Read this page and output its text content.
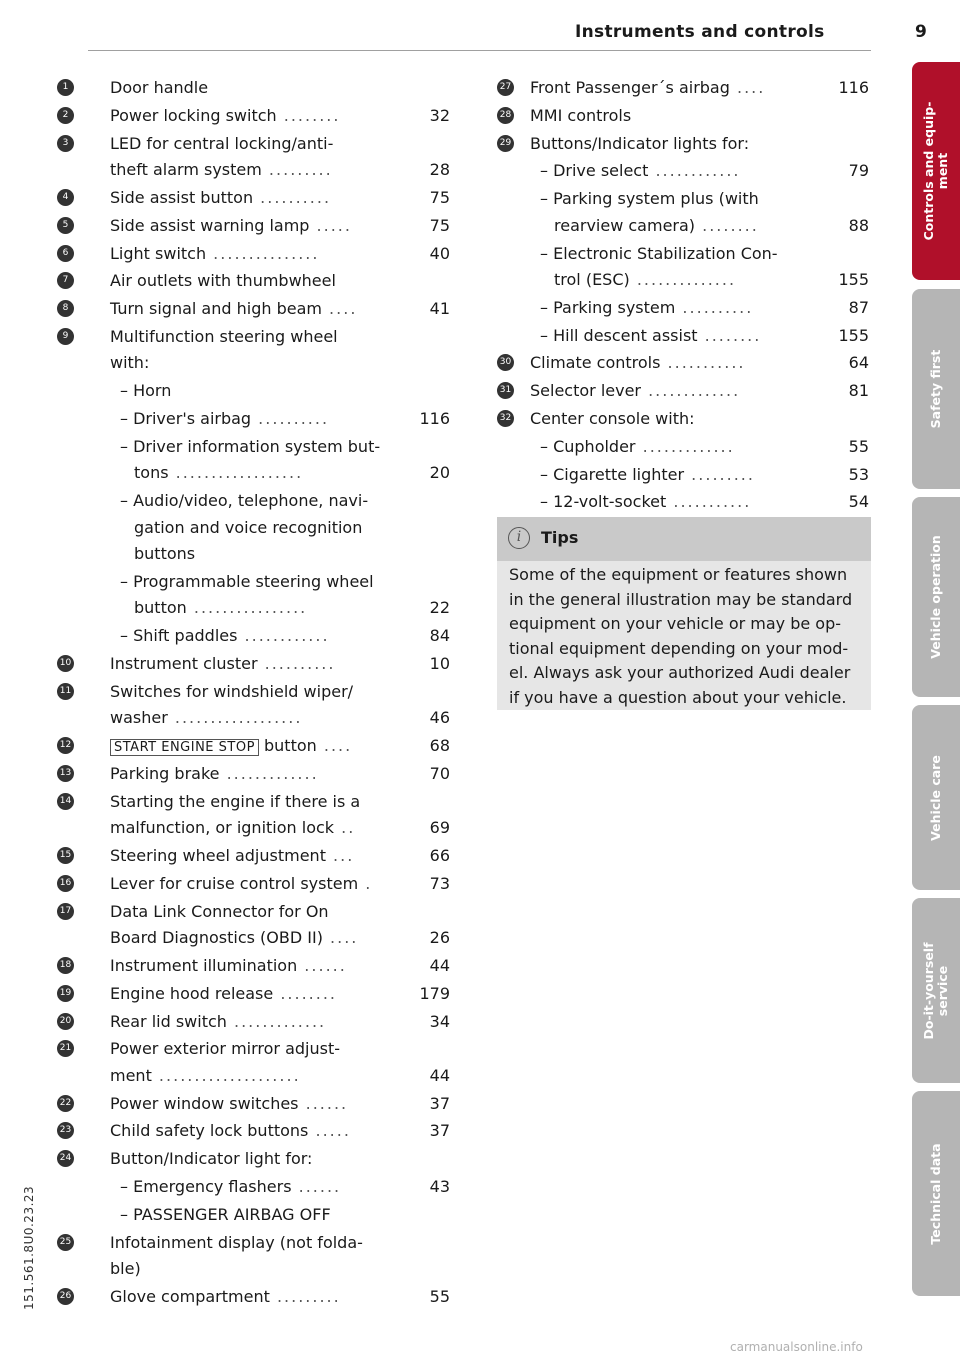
Instruments and controls	9
1	Door handle
2	Power locking switch ........	32
3	LED for central locking/anti-
theft alarm system .........	28
4	Side assist button ..........	75
5	Side assist warning lamp .....	75
6	Light switch ...............	40
7	Air outlets with thumbwheel
8	Turn signal and high beam ....	41
9	Multifunction steering wheel
with:
– Horn
– Driver's airbag ..........	116
– Driver information system but-
tons ..................	20
– Audio/video, telephone, navi-
gation and voice recognition
buttons
– Programmable steering wheel
button ................	22
– Shift paddles ............	84
10 Instrument cluster ..........	10
11 Switches for windshield wiper/
washer ..................	46
12	START ENGINE STOP button ....	68
13 Parking brake .............	70
14 Starting the engine if there is a
malfunction, or ignition lock ..	69
15 Steering wheel adjustment ...	66
16 Lever for cruise control system .	73
17 Data Link Connector for On
Board Diagnostics (OBD II) ....	26
18 Instrument illumination ......	44
19 Engine hood release ........	179
20 Rear lid switch .............	34
21 Power exterior mirror adjust-
ment ....................	44
22 Power window switches ......	37
23 Child safety lock buttons .....	37
24 Button/Indicator light for:
– Emergency flashers ......	43
– PASSENGER AIRBAG OFF
25 Infotainment display (not folda-
ble)
26 Glove compartment .........	55
27 Front Passenger´s airbag ....	116
28 MMI controls
29 Buttons/Indicator lights for:
– Drive select ............	79
– Parking system plus (with
rearview camera) ........	88
– Electronic Stabilization Con-
trol (ESC) ..............	155
– Parking system ..........	87
– Hill descent assist ........	155
30 Climate controls ...........	64
31 Selector lever .............	81
32 Center console with:
– Cupholder .............	55
– Cigarette lighter .........	53
– 12-volt-socket ...........	54
i	Tips
Some of the equipment or features shown
in the general illustration may be standard
equipment on your vehicle or may be op-
tional equipment depending on your mod-
el. Always ask your authorized Audi dealer
if you have a question about your vehicle.
Controls and equip-
ment
Safety first
Vehicle operation
Vehicle care
Do-it-yourself
service
Technical data
151.561.8U0.23.23
carmanualsonline.info
